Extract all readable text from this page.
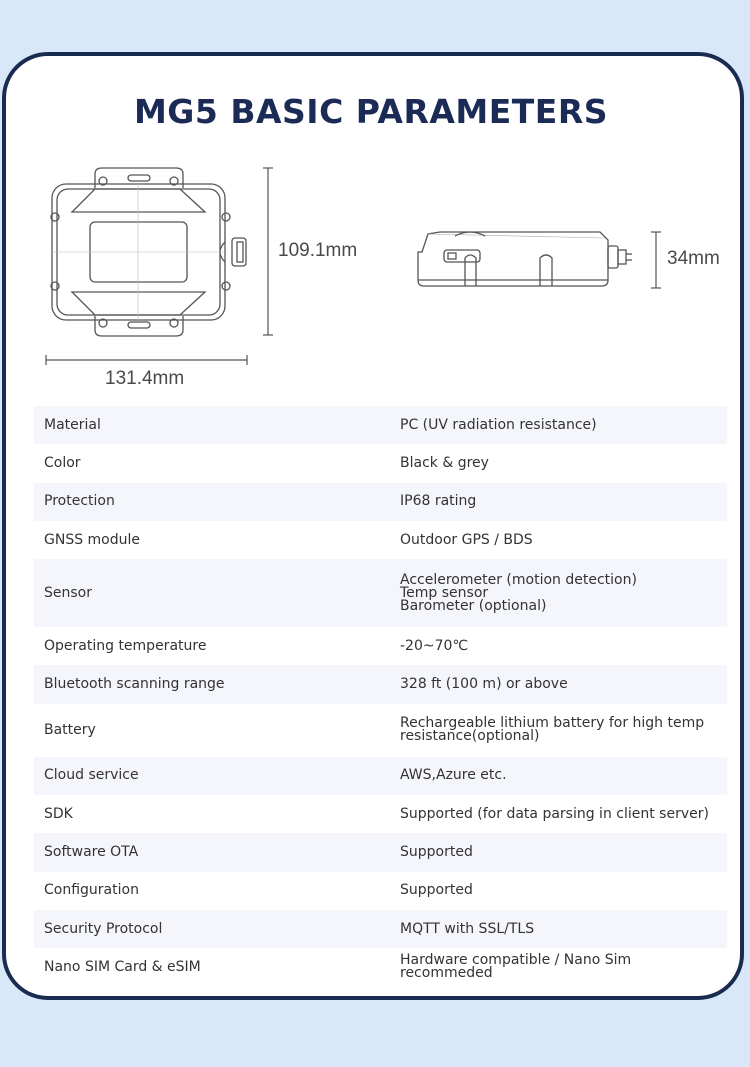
MG5 BASIC PARAMETERS
109.1mm
131.4mm
34mm
Material	PC (UV radiation resistance)

Color	Black & grey

Protection	IP68 rating

GNSS module	Outdoor GPS / BDS

Sensor	Accelerometer (motion detection)
Temp sensor
Barometer (optional)

Operating temperature	-20~70℃

Bluetooth scanning range	328 ft (100 m) or above

Battery	Rechargeable lithium battery for high temp
resistance(optional)

Cloud service	AWS,Azure etc.

SDK	Supported (for data parsing in client server)

Software OTA	Supported

Configuration	Supported

Security Protocol	MQTT with SSL/TLS

Nano SIM Card & eSIM	Hardware compatible / Nano Sim recommeded
